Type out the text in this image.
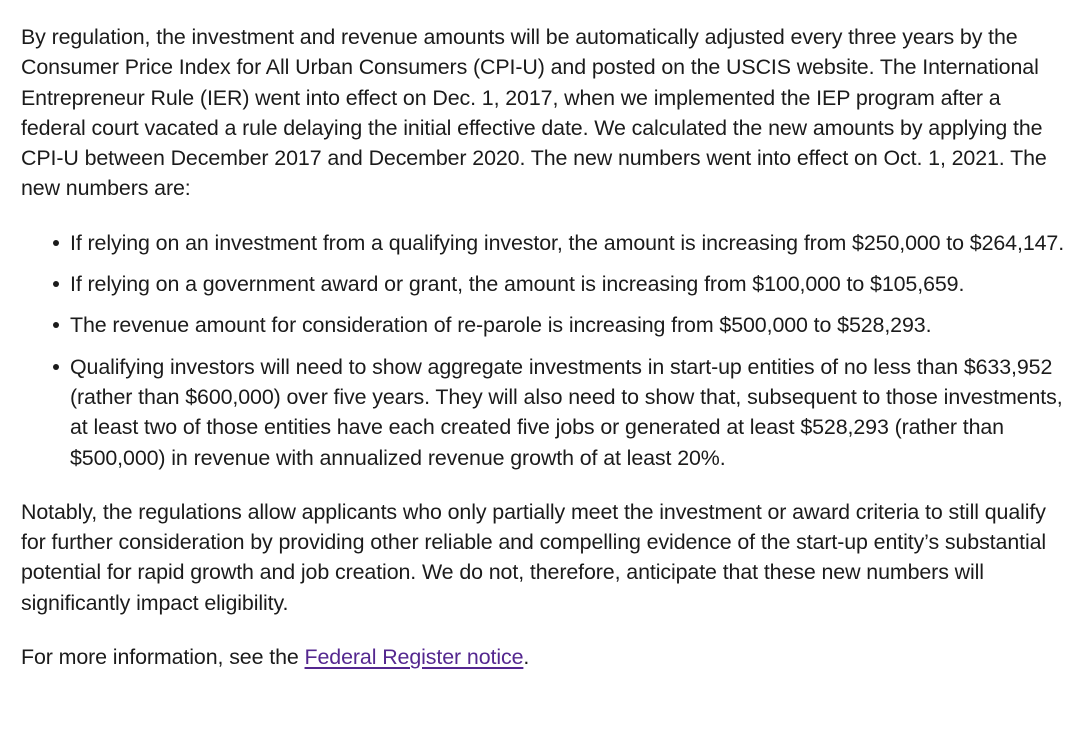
By regulation, the investment and revenue amounts will be automatically adjusted every three years by the Consumer Price Index for All Urban Consumers (CPI-U) and posted on the USCIS website. The International Entrepreneur Rule (IER) went into effect on Dec. 1, 2017, when we implemented the IEP program after a federal court vacated a rule delaying the initial effective date. We calculated the new amounts by applying the CPI-U between December 2017 and December 2020. The new numbers went into effect on Oct. 1, 2021. The new numbers are:

If relying on an investment from a qualifying investor, the amount is increasing from $250,000 to $264,147.
If relying on a government award or grant, the amount is increasing from $100,000 to $105,659.
The revenue amount for consideration of re-parole is increasing from $500,000 to $528,293.
Qualifying investors will need to show aggregate investments in start-up entities of no less than $633,952 (rather than $600,000) over five years. They will also need to show that, subsequent to those investments, at least two of those entities have each created five jobs or generated at least $528,293 (rather than $500,000) in revenue with annualized revenue growth of at least 20%.

Notably, the regulations allow applicants who only partially meet the investment or award criteria to still qualify for further consideration by providing other reliable and compelling evidence of the start-up entity’s substantial potential for rapid growth and job creation. We do not, therefore, anticipate that these new numbers will significantly impact eligibility.

For more information, see the Federal Register notice.
